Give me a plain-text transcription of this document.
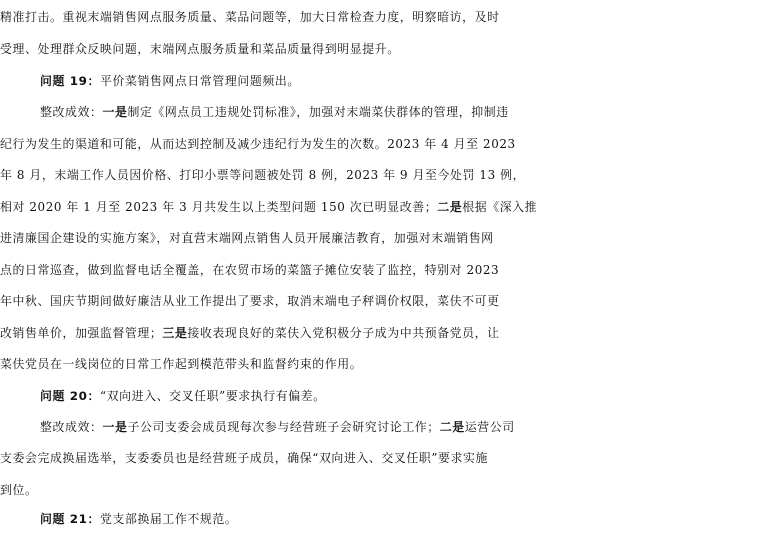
精准打击。重视末端销售网点服务质量、菜品问题等，加大日常检查力度，明察暗访，及时
受理、处理群众反映问题，末端网点服务质量和菜品质量得到明显提升。
问题 19：平价菜销售网点日常管理问题频出。
整改成效：一是制定《网点员工违规处罚标准》，加强对末端菜伕群体的管理，抑制违
纪行为发生的渠道和可能，从而达到控制及减少违纪行为发生的次数。2023 年 4 月至 2023
年 8 月，末端工作人员因价格、打印小票等问题被处罚 8 例，2023 年 9 月至今处罚 13 例，
相对 2020 年 1 月至 2023 年 3 月共发生以上类型问题 150 次已明显改善；二是根据《深入推
进清廉国企建设的实施方案》，对直营末端网点销售人员开展廉洁教育，加强对末端销售网
点的日常巡查，做到监督电话全覆盖，在农贸市场的菜篮子摊位安装了监控，特别对 2023
年中秋、国庆节期间做好廉洁从业工作提出了要求，取消末端电子秤调价权限，菜伕不可更
改销售单价，加强监督管理；三是接收表现良好的菜伕入党积极分子成为中共预备党员，让
菜伕党员在一线岗位的日常工作起到模范带头和监督约束的作用。
问题 20：“双向进入、交叉任职”要求执行有偏差。
整改成效：一是子公司支委会成员现每次参与经营班子会研究讨论工作；二是运营公司
支委会完成换届选举，支委委员也是经营班子成员，确保“双向进入、交叉任职”要求实施
到位。
问题 21：党支部换届工作不规范。
